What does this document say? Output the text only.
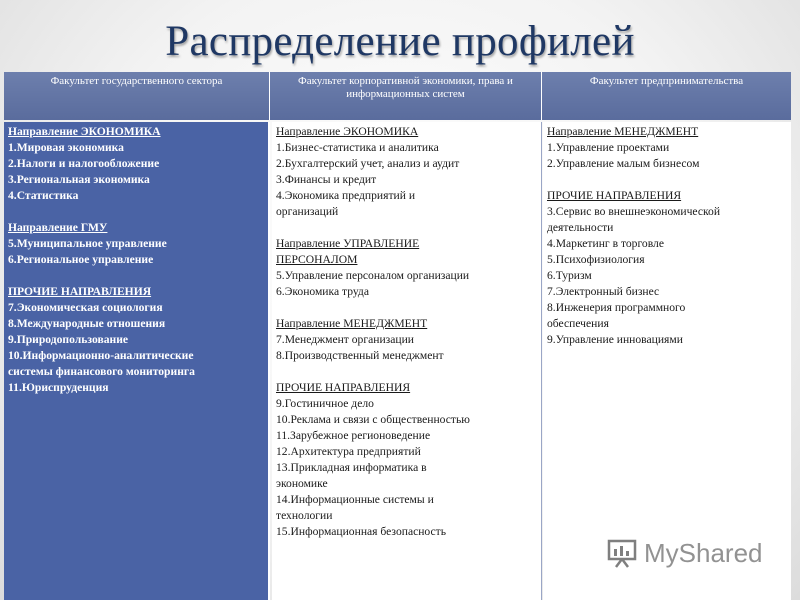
Распределение профилей
Факультет государственного сектора	Факультет корпоративной экономики, права и информационных систем
Факультет предпринимательства
Направление ЭКОНОМИКА
1.Мировая экономика
2.Налоги и налогообложение
3.Региональная экономика
4.Статистика
Направление ГМУ
5.Муниципальное управление
6.Региональное управление
ПРОЧИЕ НАПРАВЛЕНИЯ
7.Экономическая социология
8.Международные отношения
9.Природопользование
10.Информационно-аналитические
системы финансового мониторинга
11.Юриспруденция
Направление ЭКОНОМИКА
1.Бизнес-статистика и аналитика
2.Бухгалтерский учет, анализ и аудит
3.Финансы и кредит
4.Экономика предприятий и
организаций
Направление УПРАВЛЕНИЕ
ПЕРСОНАЛОМ
5.Управление персоналом организации
6.Экономика труда
Направление МЕНЕДЖМЕНТ
7.Менеджмент организации
8.Производственный менеджмент
ПРОЧИЕ НАПРАВЛЕНИЯ
9.Гостиничное дело
10.Реклама и связи с общественностью
11.Зарубежное регионоведение
12.Архитектура предприятий
13.Прикладная информатика в
экономике
14.Информационные системы и
технологии
15.Информационная безопасность
Направление МЕНЕДЖМЕНТ
1.Управление проектами
2.Управление малым бизнесом
ПРОЧИЕ НАПРАВЛЕНИЯ
3.Сервис во внешнеэкономической
деятельности
4.Маркетинг в торговле
5.Психофизиология
6.Туризм
7.Электронный бизнес
8.Инженерия программного
обеспечения
9.Управление инновациями
MyShared
